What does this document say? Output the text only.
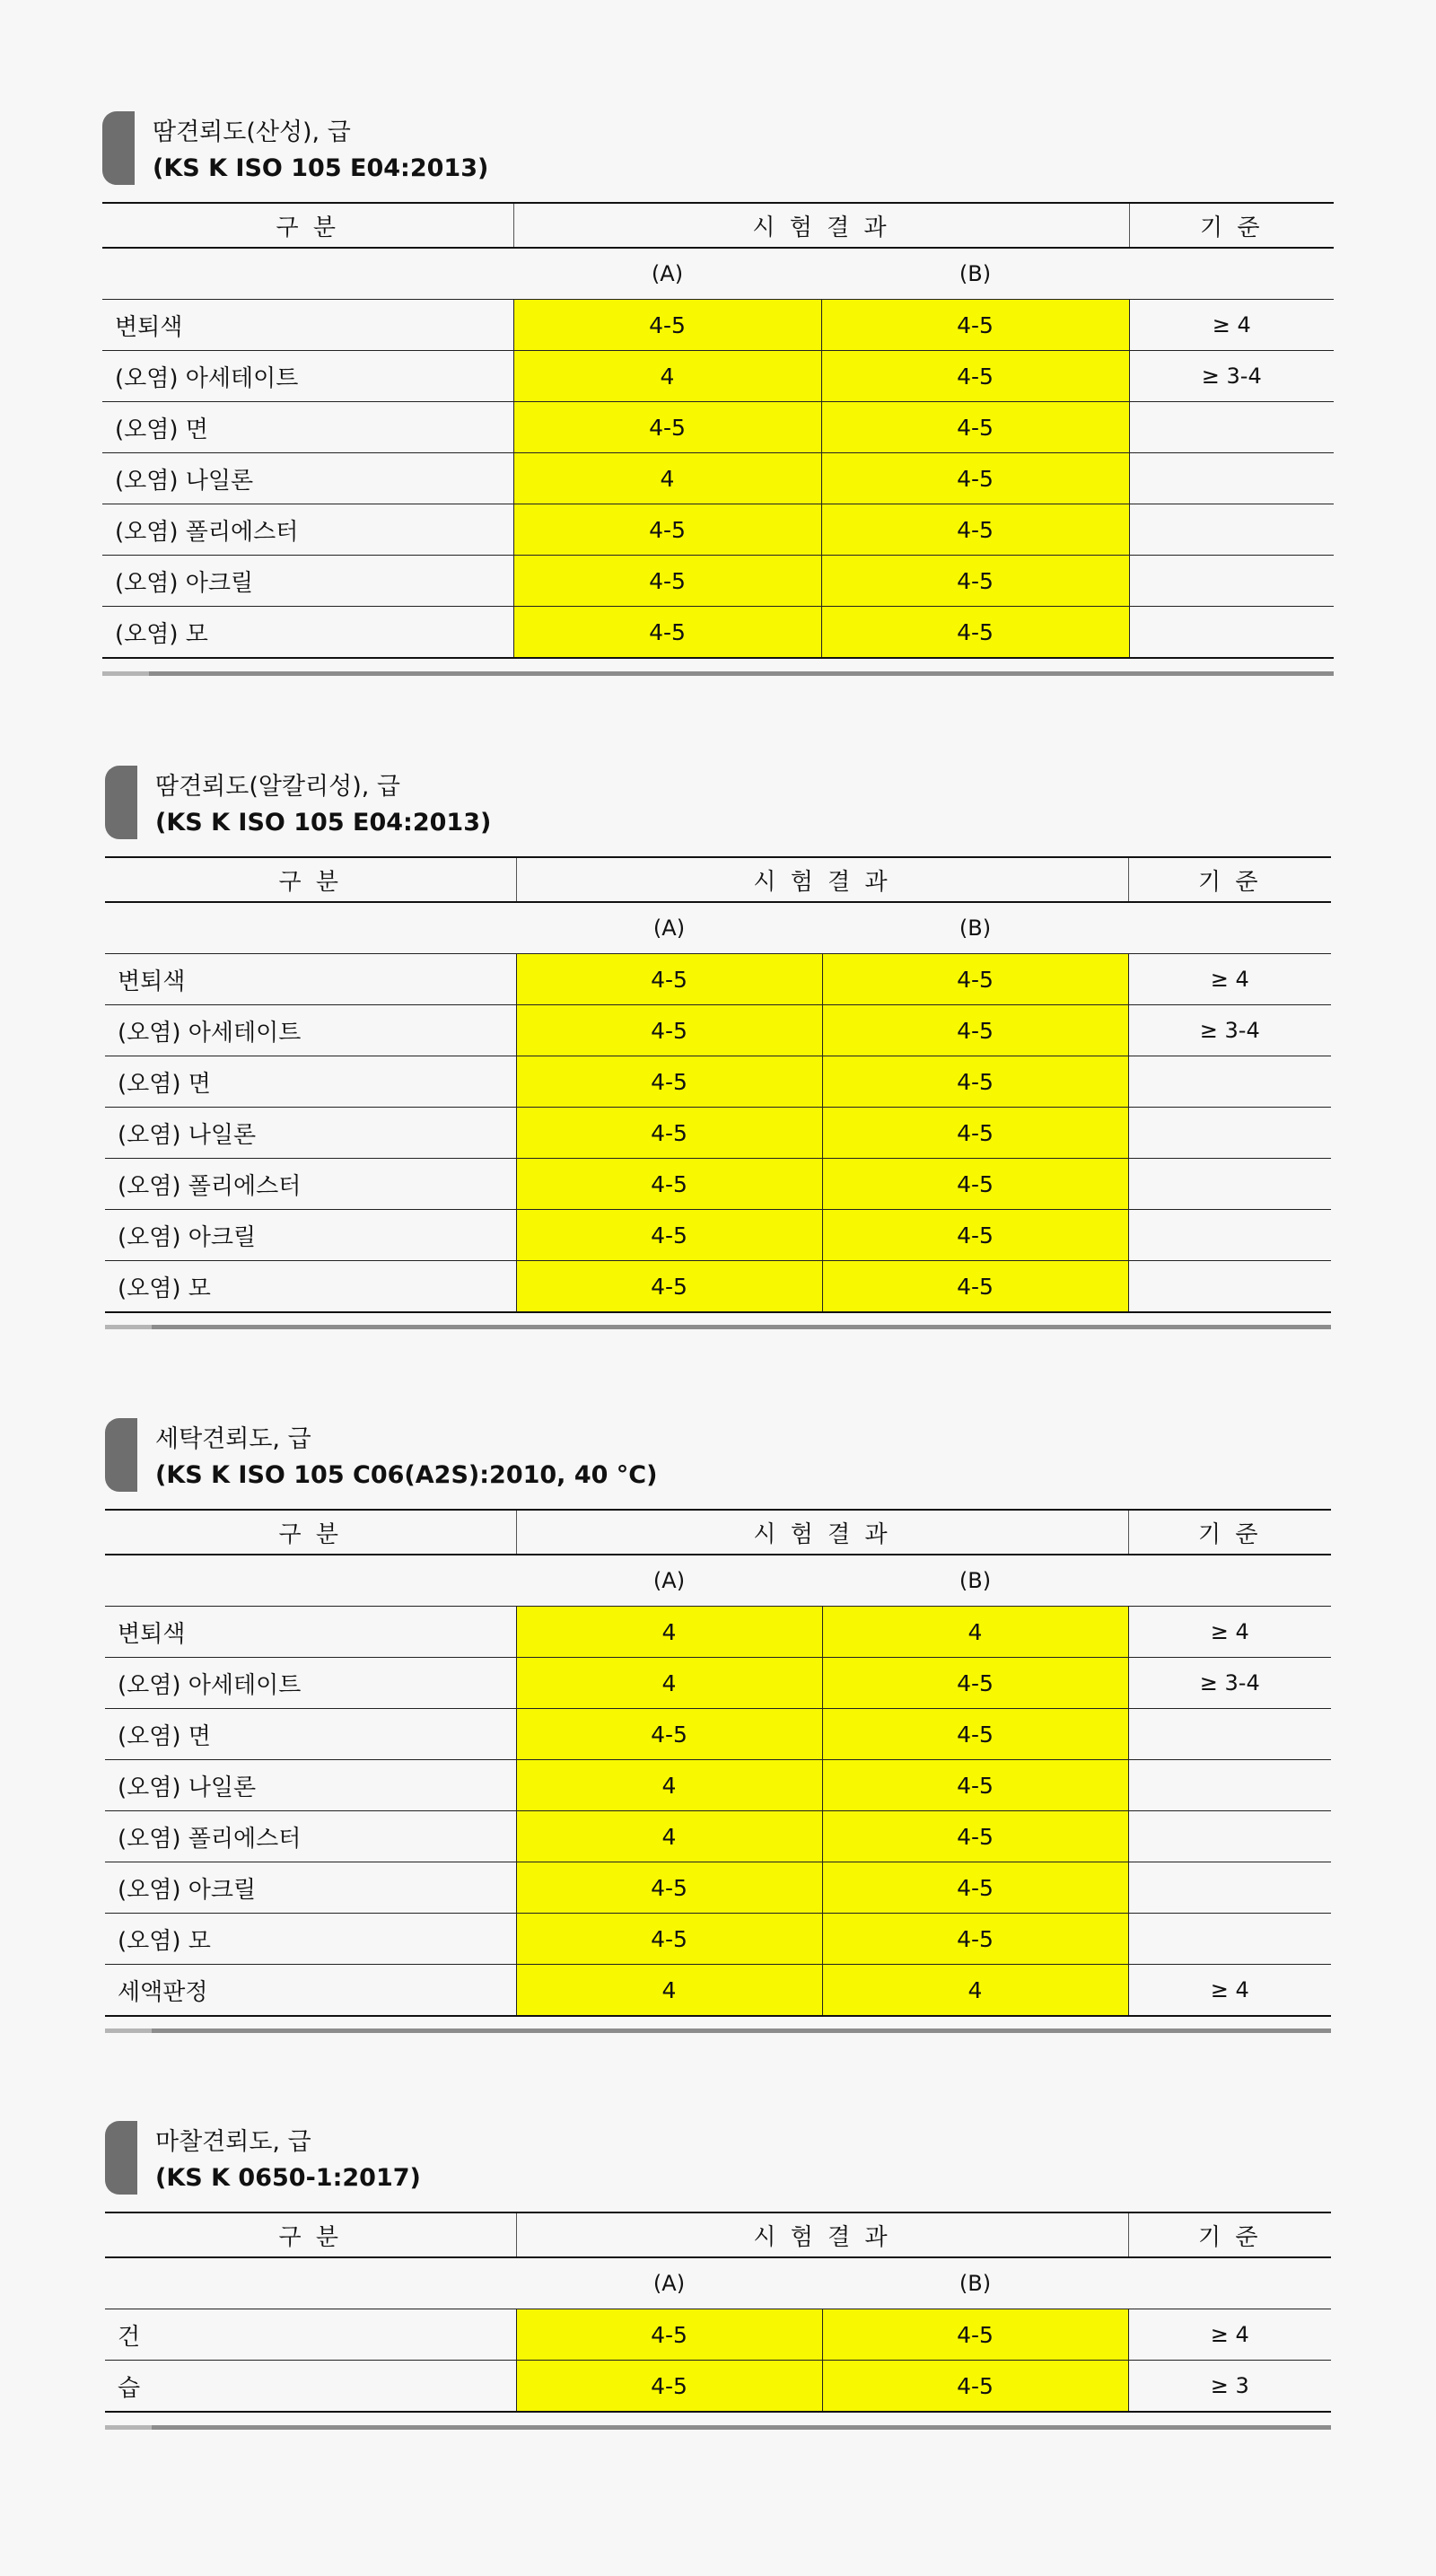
땀견뢰도(산성), 급
(KS K ISO 105 E04:2013)
구 분	시 험 결 과		기 준
	(A)	(B)	
변퇴색	4-5	4-5	≥ 4
(오염) 아세테이트	4	4-5	≥ 3-4
(오염) 면	4-5	4-5	
(오염) 나일론	4	4-5	
(오염) 폴리에스터	4-5	4-5	
(오염) 아크릴	4-5	4-5	
(오염) 모	4-5	4-5	
땀견뢰도(알칼리성), 급
(KS K ISO 105 E04:2013)
구 분	시 험 결 과		기 준
	(A)	(B)	
변퇴색	4-5	4-5	≥ 4
(오염) 아세테이트	4-5	4-5	≥ 3-4
(오염) 면	4-5	4-5	
(오염) 나일론	4-5	4-5	
(오염) 폴리에스터	4-5	4-5	
(오염) 아크릴	4-5	4-5	
(오염) 모	4-5	4-5	
세탁견뢰도, 급
(KS K ISO 105 C06(A2S):2010, 40 °C)
구 분	시 험 결 과		기 준
	(A)	(B)	
변퇴색	4	4	≥ 4
(오염) 아세테이트	4	4-5	≥ 3-4
(오염) 면	4-5	4-5	
(오염) 나일론	4	4-5	
(오염) 폴리에스터	4	4-5	
(오염) 아크릴	4-5	4-5	
(오염) 모	4-5	4-5	
세액판정	4	4	≥ 4
마찰견뢰도, 급
(KS K 0650-1:2017)
구 분	시 험 결 과		기 준
	(A)	(B)	
건	4-5	4-5	≥ 4
습	4-5	4-5	≥ 3
